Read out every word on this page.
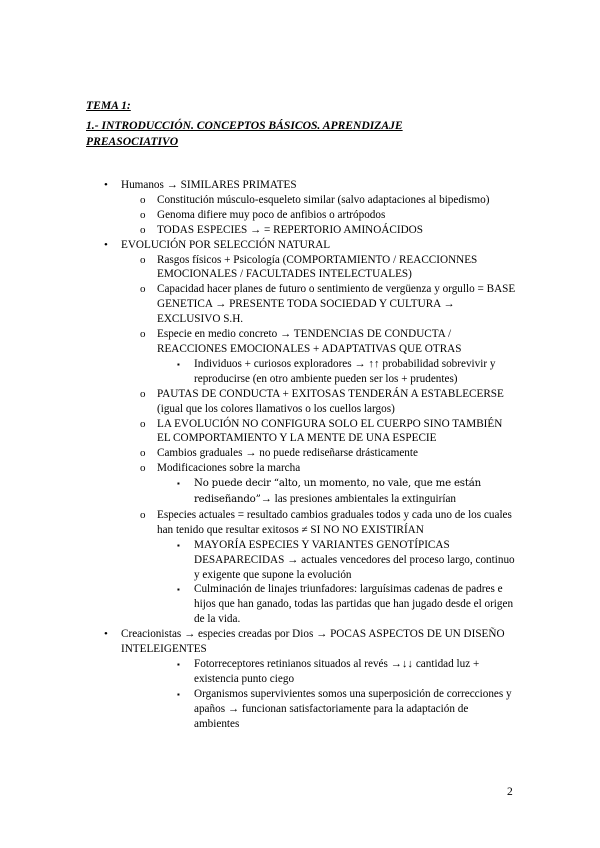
TEMA 1:
1.- INTRODUCCIÓN. CONCEPTOS BÁSICOS. APRENDIZAJE PREASOCIATIVO
• Humanos → SIMILARES PRIMATES
o Constitución músculo-esqueleto similar (salvo adaptaciones al bipedismo)
o Genoma difiere muy poco de anfibios o artrópodos
o TODAS ESPECIES → = REPERTORIO AMINOÁCIDOS
• EVOLUCIÓN POR SELECCIÓN NATURAL
o Rasgos físicos + Psicología (COMPORTAMIENTO / REACCIONNES EMOCIONALES / FACULTADES INTELECTUALES)
o Capacidad hacer planes de futuro o sentimiento de vergüenza y orgullo = BASE GENETICA → PRESENTE TODA SOCIEDAD Y CULTURA → EXCLUSIVO S.H.
o Especie en medio concreto → TENDENCIAS DE CONDUCTA / REACCIONES EMOCIONALES + ADAPTATIVAS QUE OTRAS
▪ Individuos + curiosos exploradores → ↑↑ probabilidad sobrevivir y reproducirse (en otro ambiente pueden ser los + prudentes)
o PAUTAS DE CONDUCTA + EXITOSAS TENDERÁN A ESTABLECERSE (igual que los colores llamativos o los cuellos largos)
o LA EVOLUCIÓN NO CONFIGURA SOLO EL CUERPO SINO TAMBIÉN EL COMPORTAMIENTO Y LA MENTE DE UNA ESPECIE
o Cambios graduales → no puede rediseñarse drásticamente
o Modificaciones sobre la marcha
▪ No puede decir “alto, un momento, no vale, que me están rediseñando”→ las presiones ambientales la extinguirían
o Especies actuales = resultado cambios graduales todos y cada uno de los cuales han tenido que resultar exitosos ≠ SI NO NO EXISTIRÍAN
▪ MAYORÍA ESPECIES Y VARIANTES GENOTÍPICAS DESAPARECIDAS → actuales vencedores del proceso largo, continuo y exigente que supone la evolución
▪ Culminación de linajes triunfadores: larguísimas cadenas de padres e hijos que han ganado, todas las partidas que han jugado desde el origen de la vida.
• Creacionistas → especies creadas por Dios → POCAS ASPECTOS DE UN DISEÑO INTELEIGENTES
▪ Fotorreceptores retinianos situados al revés →↓↓ cantidad luz + existencia punto ciego
▪ Organismos supervivientes somos una superposición de correcciones y apaños → funcionan satisfactoriamente para la adaptación de ambientes
2
